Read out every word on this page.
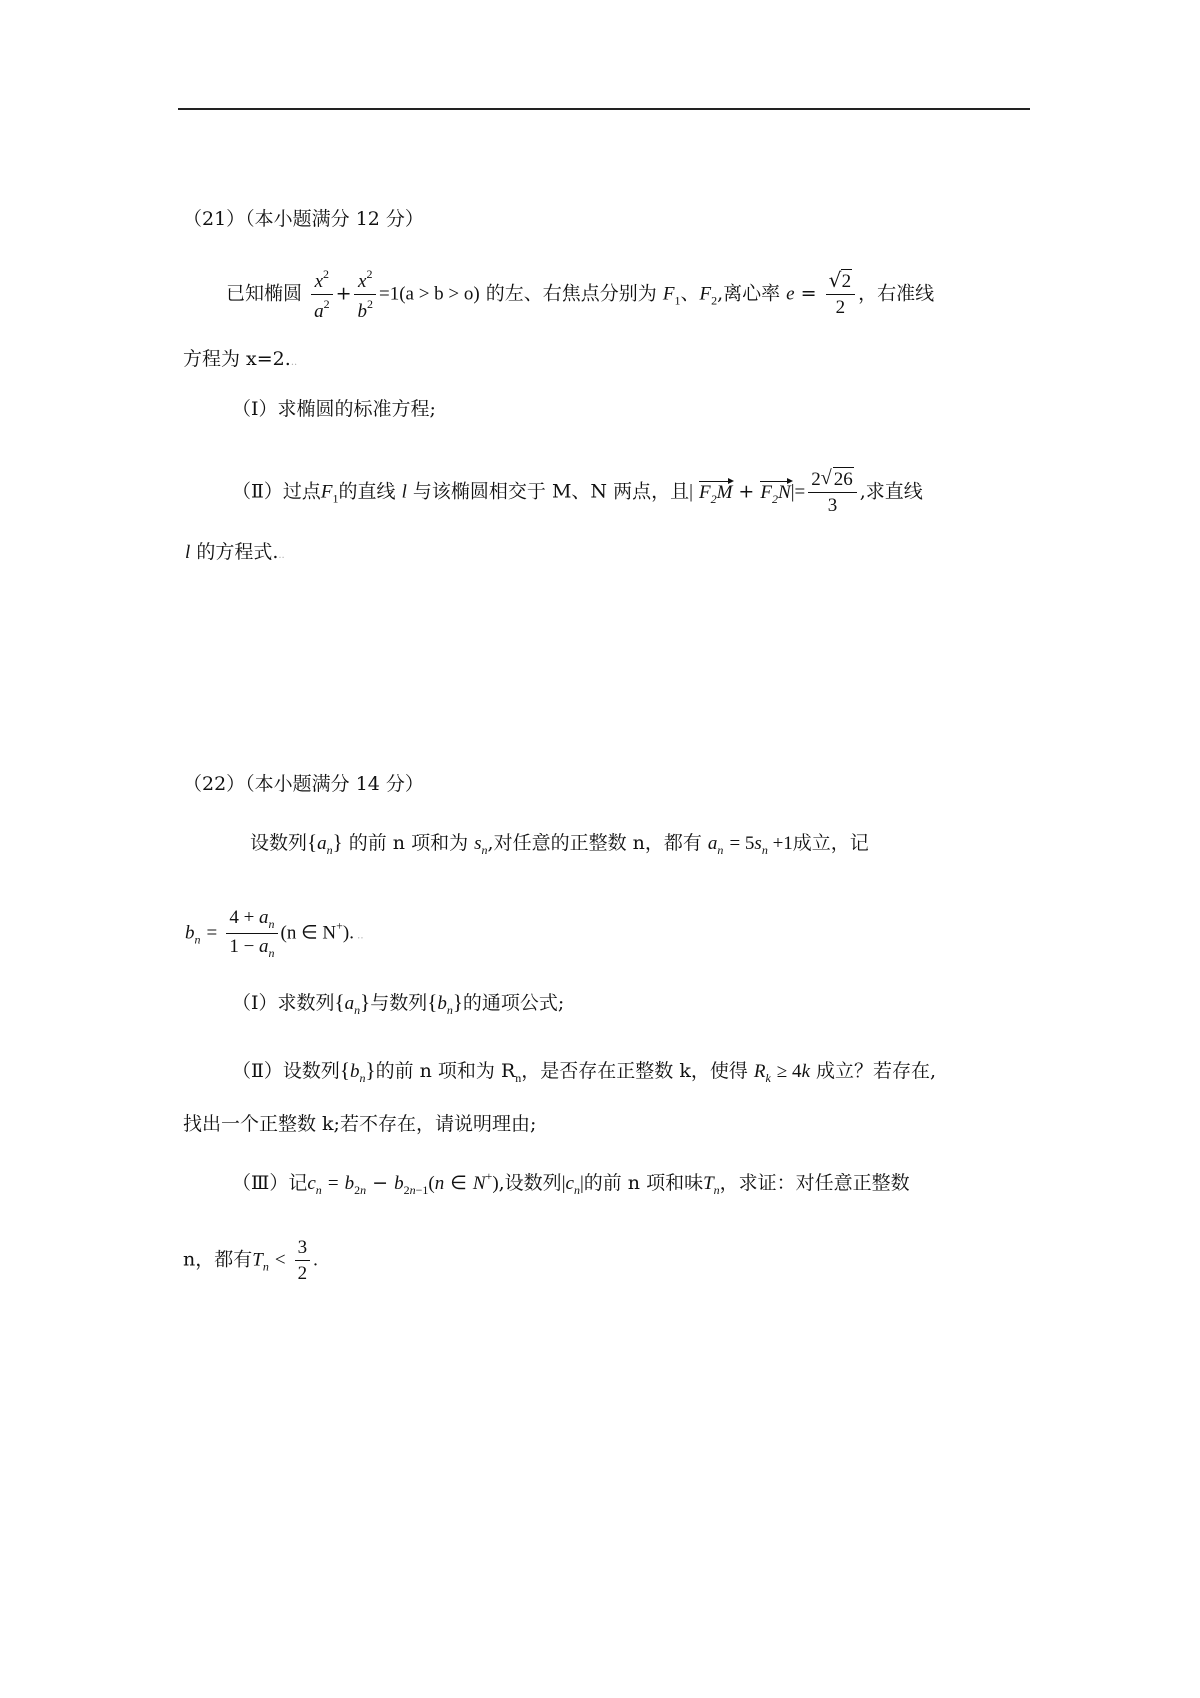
（21）（本小题满分 12 分）
已知椭圆 $\frac{x^2}{a^2} + \frac{x^2}{b^2} =1(a > b > o)$ 的左、右焦点分别为 $F_1$、$F_2$,离心率 $e = \frac{√ 2}{2}$ ，右准线
方程为 x=2...
（Ⅰ）求椭圆的标准方程;
（Ⅱ）过点$F_1$的直线 l 与该椭圆相交于 M、N 两点，且| $F_2M + F_2N|= \frac{2 √ 26}{3}$ ,求直线
l 的方程式...
（22）（本小题满分 14 分）
设数列$\{a_n\}$ 的前 n 项和为 $s_n$,对任意的正整数 n，都有 $a_n = 5s_n +1$成立，记
$b_n = \frac{4 + a_n}{1 - a_n} (n$ ∈ N+). ..
（Ⅰ）求数列$\{a_n\}$与数列$\{b_n\}$的通项公式;
（Ⅱ）设数列$\{b_n\}$的前 n 项和为 $R_n$，是否存在正整数 k，使得 $R_k \ge 4k$ 成立？若存在,
找出一个正整数 k;若不存在，请说明理由;
（Ⅲ）记$c_n = b_{2n} - b_{2n-1}(n$ ∈ N+),设数列$|c_n|$的前 n 项和味$T_n$，求证：对任意正整数
n，都有$T_n < \frac{3}{2}$ .
